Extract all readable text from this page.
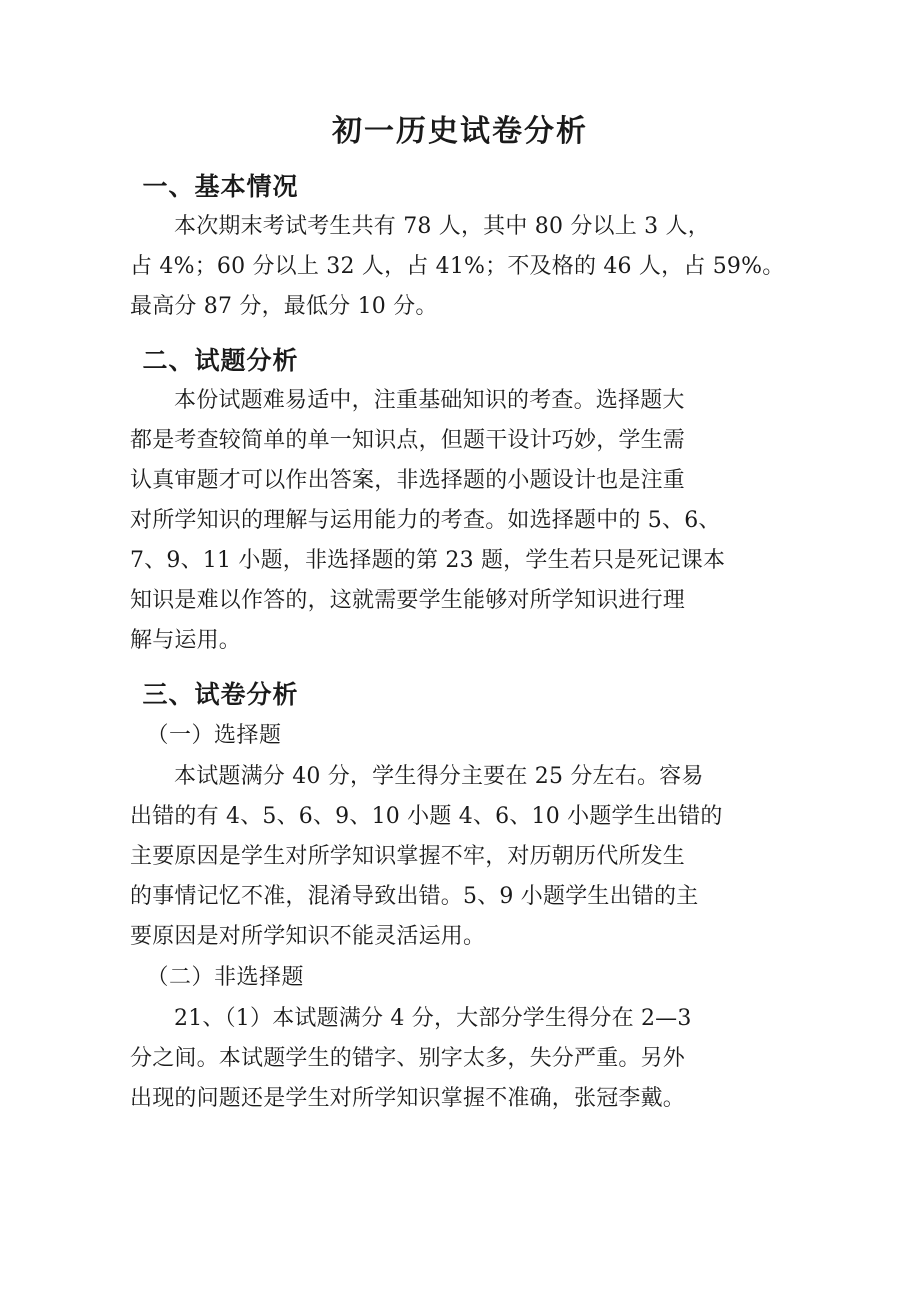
初一历史试卷分析
一、基本情况

本次期末考试考生共有 78 人，其中 80 分以上 3 人，
占 4%；60 分以上 32 人，占 41%；不及格的 46 人，占 59%。
最高分 87 分，最低分 10 分。

二、试题分析

本份试题难易适中，注重基础知识的考查。选择题大
都是考查较简单的单一知识点，但题干设计巧妙，学生需
认真审题才可以作出答案，非选择题的小题设计也是注重
对所学知识的理解与运用能力的考查。如选择题中的 5、6、
7、9、11 小题，非选择题的第 23 题，学生若只是死记课本
知识是难以作答的，这就需要学生能够对所学知识进行理
解与运用。

三、试卷分析
（一）选择题

本试题满分 40 分，学生得分主要在 25 分左右。容易
出错的有 4、5、6、9、10 小题 4、6、10 小题学生出错的
主要原因是学生对所学知识掌握不牢，对历朝历代所发生
的事情记忆不准，混淆导致出错。5、9 小题学生出错的主
要原因是对所学知识不能灵活运用。

（二）非选择题

21、（1）本试题满分 4 分，大部分学生得分在 2—3
分之间。本试题学生的错字、别字太多，失分严重。另外
出现的问题还是学生对所学知识掌握不准确，张冠李戴。
